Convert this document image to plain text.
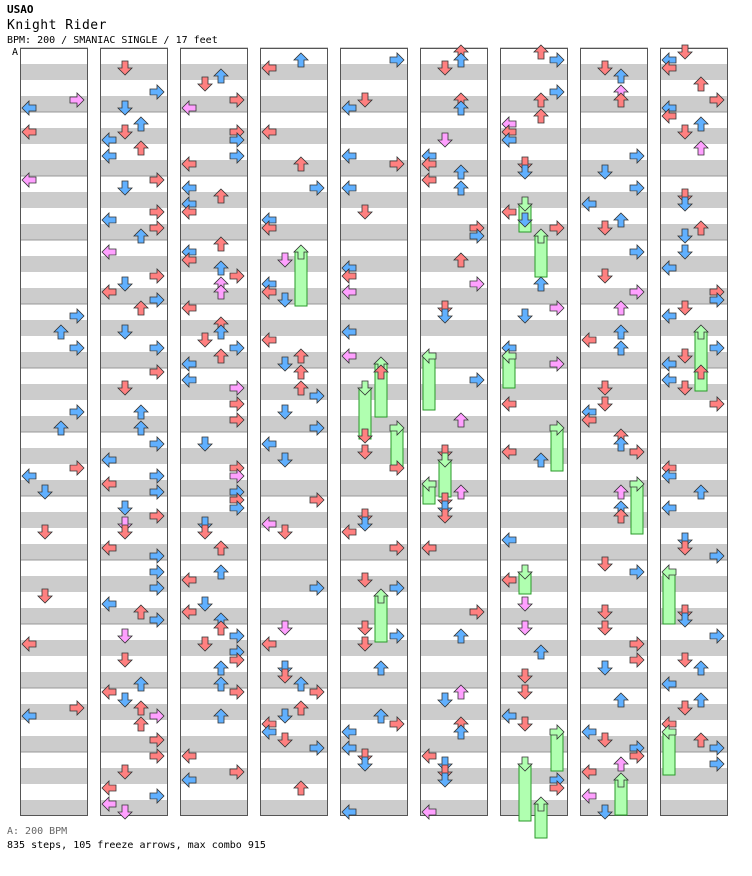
USAO
Knight Rider
BPM: 200 / SMANIAC SINGLE / 17 feet
A
A: 200 BPM
835 steps, 105 freeze arrows, max combo 915
